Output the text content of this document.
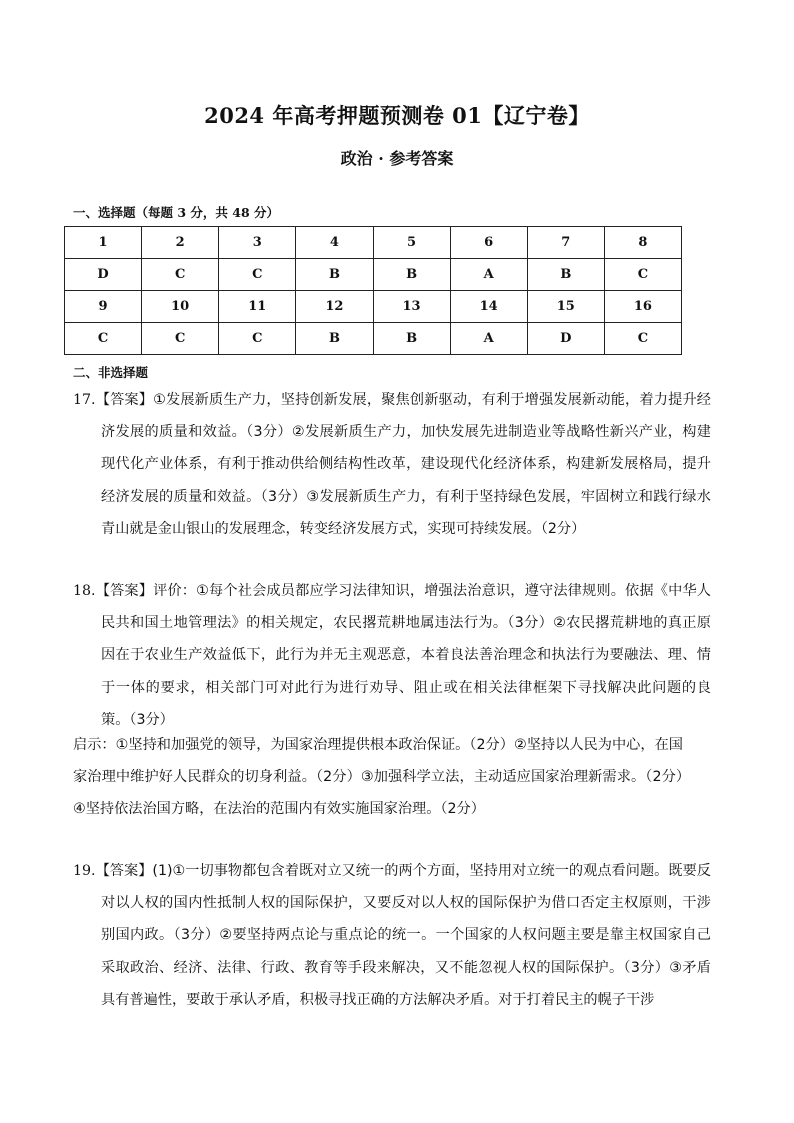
2024 年高考押题预测卷 01【辽宁卷】
政治 · 参考答案
一、选择题（每题 3 分，共 48 分）
1	2	3	4	5	6	7	8
D	C	C	B	B	A	B	C
9	10	11	12	13	14	15	16
C	C	C	B	B	A	D	C
二、非选择题
17.【答案】①发展新质生产力，坚持创新发展，聚焦创新驱动，有利于增强发展新动能，着力提升经济发展的质量和效益。（3分）②发展新质生产力，加快发展先进制造业等战略性新兴产业，构建现代化产业体系，有利于推动供给侧结构性改革，建设现代化经济体系，构建新发展格局，提升经济发展的质量和效益。（3分）③发展新质生产力，有利于坚持绿色发展，牢固树立和践行绿水青山就是金山银山的发展理念，转变经济发展方式，实现可持续发展。（2分）
18.【答案】评价：①每个社会成员都应学习法律知识，增强法治意识，遵守法律规则。依据《中华人民共和国土地管理法》的相关规定，农民撂荒耕地属违法行为。（3分）②农民撂荒耕地的真正原因在于农业生产效益低下，此行为并无主观恶意，本着良法善治理念和执法行为要融法、理、情于一体的要求，相关部门可对此行为进行劝导、阻止或在相关法律框架下寻找解决此问题的良策。（3分）
启示：①坚持和加强党的领导，为国家治理提供根本政治保证。（2分）②坚持以人民为中心，在国家治理中维护好人民群众的切身利益。（2分）③加强科学立法，主动适应国家治理新需求。（2分）④坚持依法治国方略，在法治的范围内有效实施国家治理。（2分）
19.【答案】(1)①一切事物都包含着既对立又统一的两个方面，坚持用对立统一的观点看问题。既要反对以人权的国内性抵制人权的国际保护，又要反对以人权的国际保护为借口否定主权原则，干涉别国内政。（3分）②要坚持两点论与重点论的统一。一个国家的人权问题主要是靠主权国家自己采取政治、经济、法律、行政、教育等手段来解决，又不能忽视人权的国际保护。（3分）③矛盾具有普遍性，要敢于承认矛盾，积极寻找正确的方法解决矛盾。对于打着民主的幌子干涉
